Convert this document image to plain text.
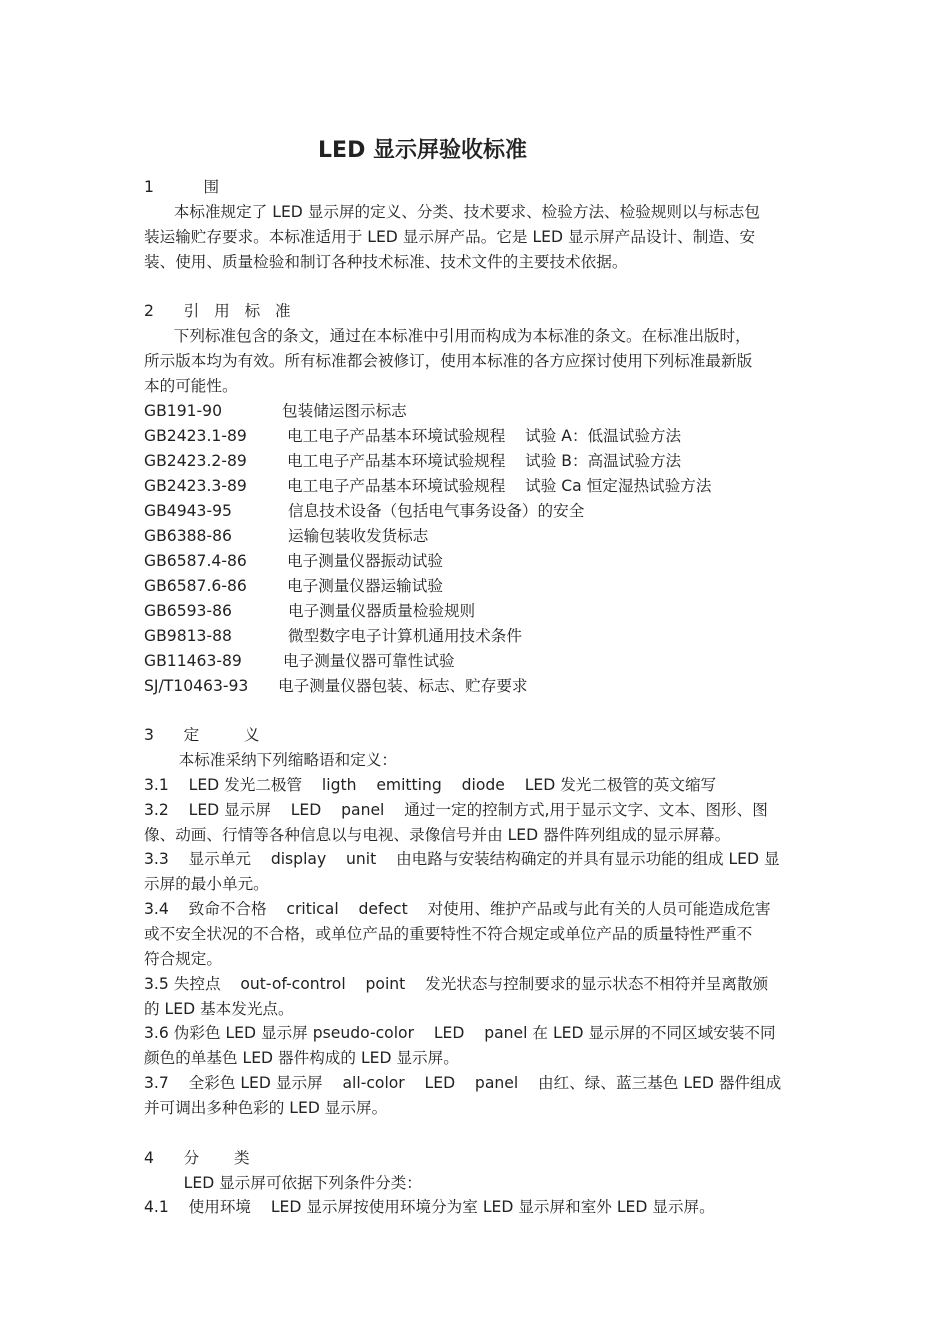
LED 显示屏验收标准
1          围
本标准规定了 LED 显示屏的定义、分类、技术要求、检验方法、检验规则以与标志包
装运输贮存要求。本标准适用于 LED 显示屏产品。它是 LED 显示屏产品设计、制造、安
装、使用、质量检验和制订各种技术标准、技术文件的主要技术依据。
2      引   用   标   准
下列标准包含的条文，通过在本标准中引用而构成为本标准的条文。在标准出版时，
所示版本均为有效。所有标准都会被修订，使用本标准的各方应探讨使用下列标准最新版
本的可能性。
GB191-90	包装储运图示标志
GB2423.1-89	电工电子产品基本环境试验规程    试验 A：低温试验方法
GB2423.2-89	电工电子产品基本环境试验规程    试验 B：高温试验方法
GB2423.3-89	电工电子产品基本环境试验规程    试验 Ca 恒定湿热试验方法
GB4943-95	信息技术设备（包括电气事务设备）的安全
GB6388-86	运输包装收发货标志
GB6587.4-86	电子测量仪器振动试验
GB6587.6-86	电子测量仪器运输试验
GB6593-86	电子测量仪器质量检验规则
GB9813-88	微型数字电子计算机通用技术条件
GB11463-89	电子测量仪器可靠性试验
SJ/T10463-93 电子测量仪器包装、标志、贮存要求
3      定         义
本标准采纳下列缩略语和定义：
3.1    LED 发光二极管    ligth    emitting    diode    LED 发光二极管的英文缩写
3.2    LED 显示屏    LED    panel    通过一定的控制方式,用于显示文字、文本、图形、图
像、动画、行情等各种信息以与电视、录像信号并由 LED 器件阵列组成的显示屏幕。
3.3    显示单元    display    unit    由电路与安装结构确定的并具有显示功能的组成 LED 显
示屏的最小单元。
3.4    致命不合格    critical    defect    对使用、维护产品或与此有关的人员可能造成危害
或不安全状况的不合格，或单位产品的重要特性不符合规定或单位产品的质量特性严重不
符合规定。
3.5 失控点    out-of-control    point    发光状态与控制要求的显示状态不相符并呈离散颁
的 LED 基本发光点。
3.6 伪彩色 LED 显示屏 pseudo-color    LED    panel 在 LED 显示屏的不同区域安装不同
颜色的单基色 LED 器件构成的 LED 显示屏。
3.7    全彩色 LED 显示屏    all-color    LED    panel    由红、绿、蓝三基色 LED 器件组成
并可调出多种色彩的 LED 显示屏。
4      分       类
LED 显示屏可依据下列条件分类：
4.1    使用环境    LED 显示屏按使用环境分为室 LED 显示屏和室外 LED 显示屏。
